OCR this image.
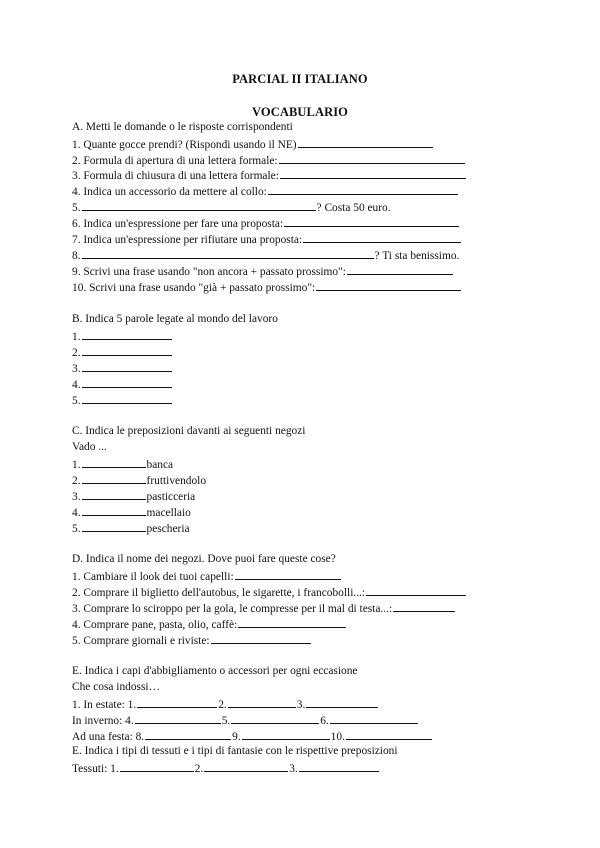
PARCIAL II ITALIANO
VOCABULARIO
A. Metti le domande o le risposte corrispondenti
1. Quante gocce prendi? (Rispondi usando il NE)
2. Formula di apertura di una lettera formale:
3. Formula di chiusura di una lettera formale:
4. Indica un accessorio da mettere al collo:
5.	? Costa 50 euro.
6. Indica un'espressione per fare una proposta:
7. Indica un'espressione per rifiutare una proposta:
8.	? Ti sta benissimo.
9. Scrivi una frase usando "non ancora + passato prossimo":
10. Scrivi una frase usando "già + passato prossimo":
B. Indica 5 parole legate al mondo del lavoro
1.
2.
3.
4.
5.
C. Indica le preposizioni davanti ai seguenti negozi
Vado ...
1.	banca
2.	fruttivendolo
3.	pasticceria
4.	macellaio
5.	pescheria
D. Indica il nome dei negozi. Dove puoi fare queste cose?
1. Cambiare il look dei tuoi capelli:
2. Comprare il biglietto dell'autobus, le sigarette, i francobolli...:
3. Comprare lo sciroppo per la gola, le compresse per il mal di testa...:
4. Comprare pane, pasta, olio, caffè:
5. Comprare giornali e riviste:
E. Indica i capi d'abbigliamento o accessori per ogni eccasione
Che cosa indossi…
1. In estate: 1.	2.	3.
In inverno: 4.	5.	6.
Ad una festa: 8.	9.	10.
E. Indica i tipi di tessuti e i tipi di fantasie con le rispettive preposizioni
Tessuti: 1.	2.	3.
